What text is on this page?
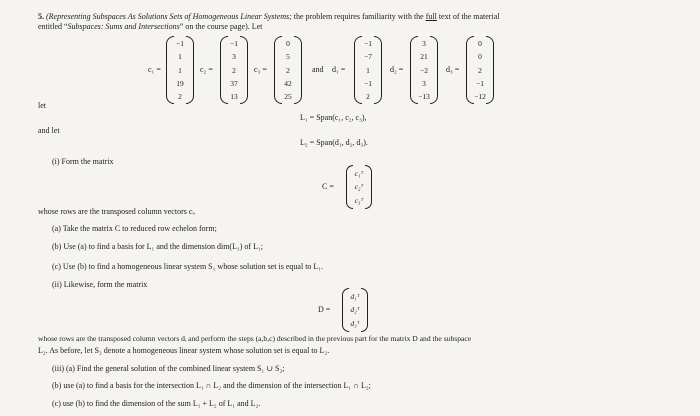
5. (Representing Subspaces As Solutions Sets of Homogeneous Linear Systems; the problem requires familiarity with the full text of the material
entitled “Subspaces: Sums and Intersections” on the course page). Let
c₁ =
−1
1
1
19
2
c₂ =
−1
3
2
37
13
c₃ =
0
5
2
42
25
and d₁ =
−1
−7
1
−1
2
d₂ =
3
21
−2
3
−13
d₃ =
0
0
2
−1
−12
let
L₁ = Span(c₁, c₂, c₃),
and let
L₂ = Span(d₁, d₂, d₃).
(i) Form the matrix
C =
c₁ᵀ
c₂ᵀ
c₃ᵀ
whose rows are the transposed column vectors cᵢ.
(a) Take the matrix C to reduced row echelon form;
(b) Use (a) to find a basis for L₁ and the dimension dim(L₁) of L₁;
(c) Use (b) to find a homogeneous linear system S₁ whose solution set is equal to L₁.
(ii) Likewise, form the matrix
D =
d₁ᵀ
d₂ᵀ
d₃ᵀ
whose rows are the transposed column vectors dᵢ and perform the steps (a,b,c) described in the previous part for the matrix D and the subspace
L₂. As before, let S₂ denote a homogeneous linear system whose solution set is equal to L₂.
(iii) (a) Find the general solution of the combined linear system S₁ ∪ S₂;
(b) use (a) to find a basis for the intersection L₁ ∩ L₂ and the dimension of the intersection L₁ ∩ L₂;
(c) use (b) to find the dimension of the sum L₁ + L₂ of L₁ and L₂.
